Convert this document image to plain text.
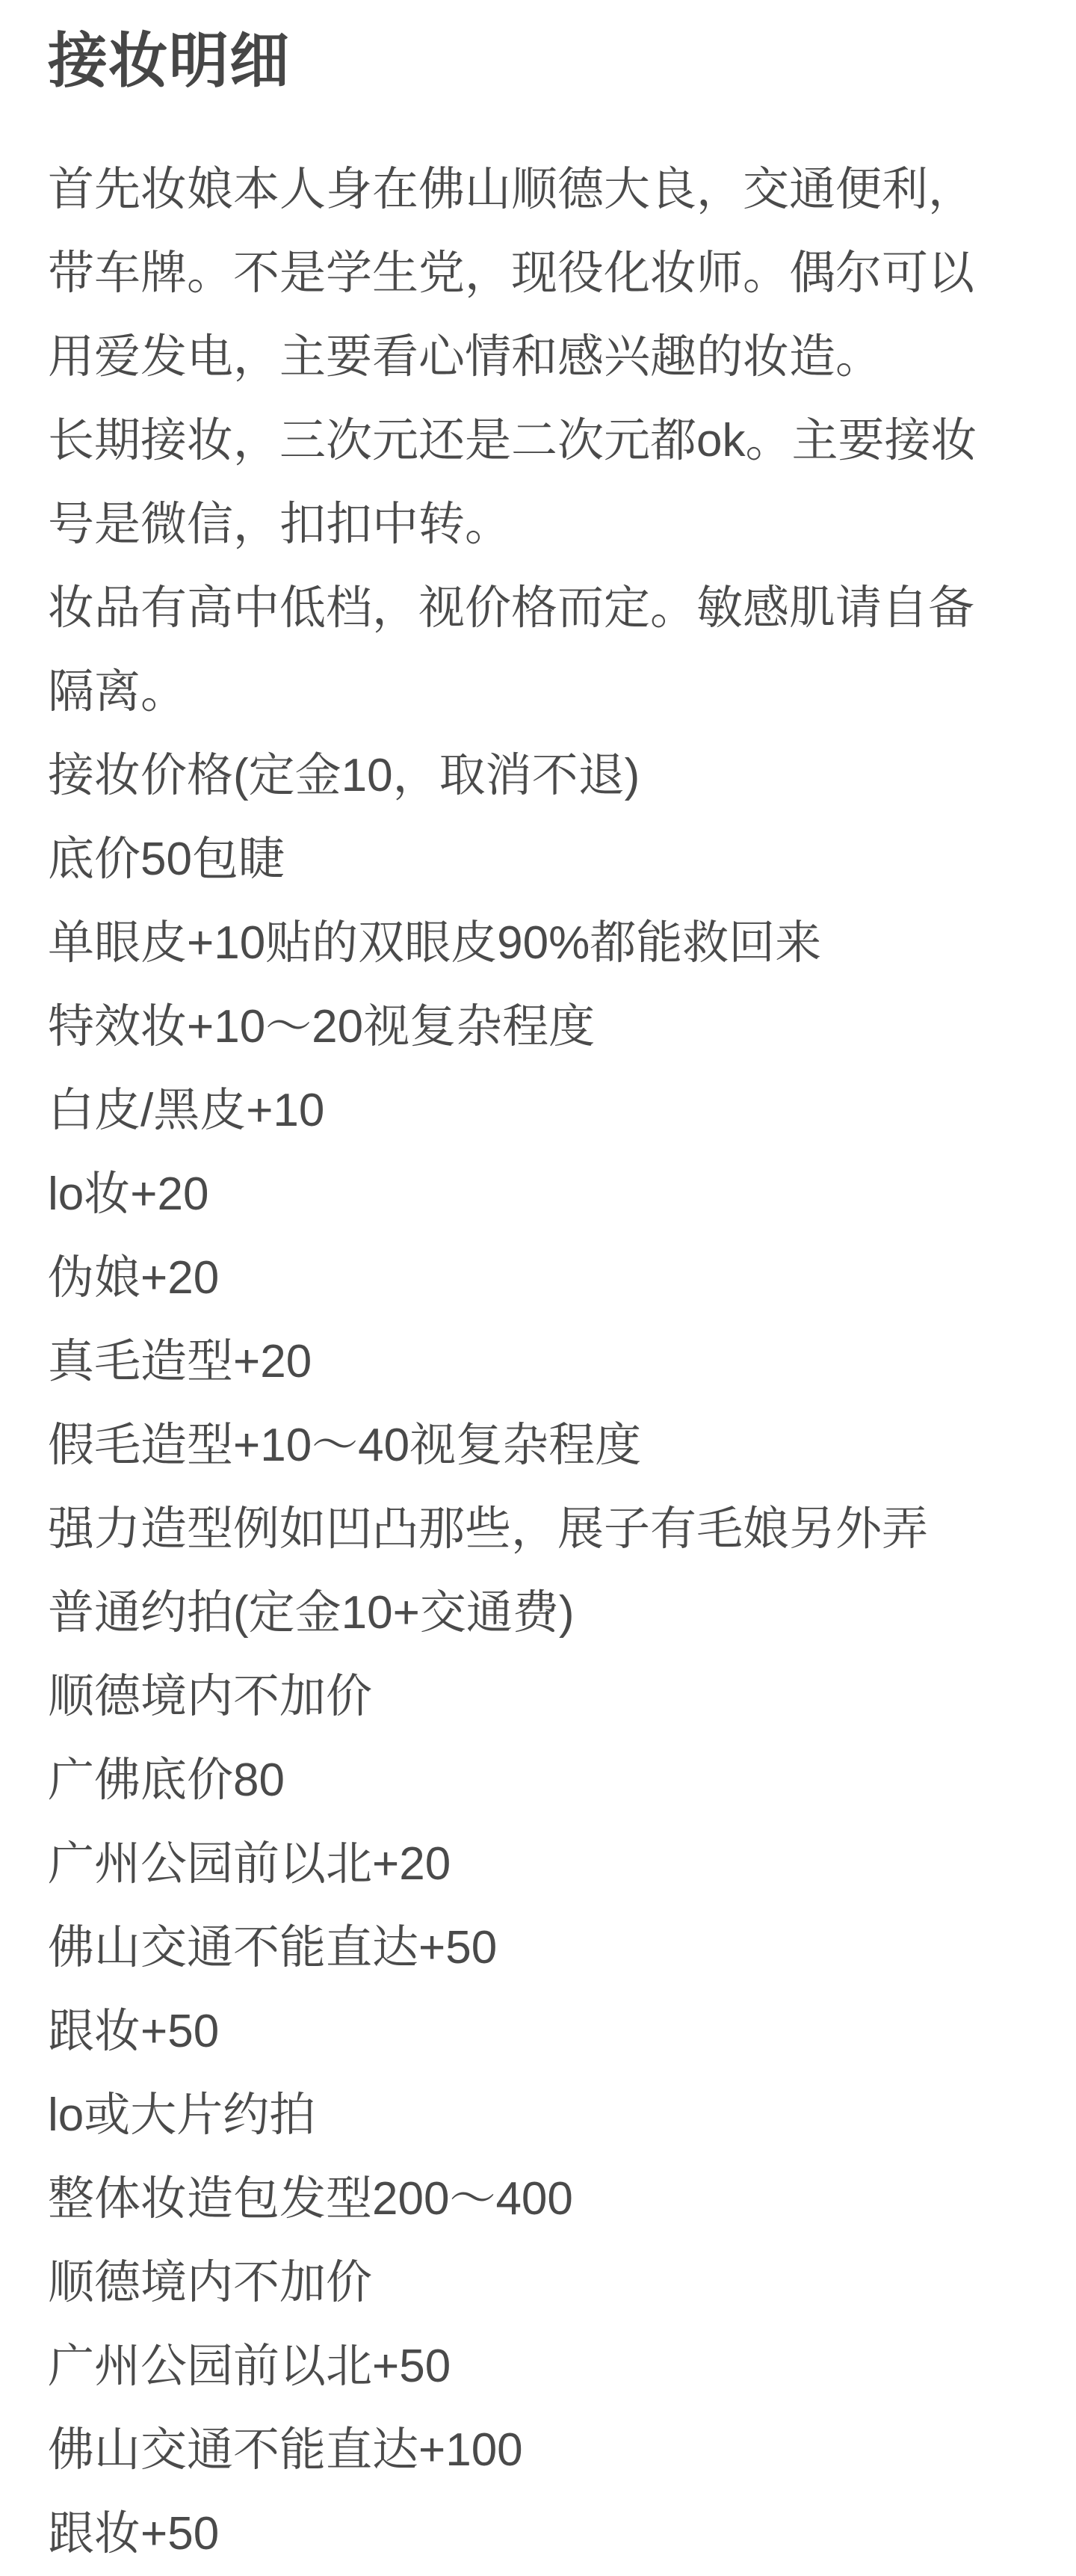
接妆明细
首先妆娘本人身在佛山顺德大良，交通便利，
带车牌。不是学生党，现役化妆师。偶尔可以
用爱发电，主要看心情和感兴趣的妆造。
长期接妆，三次元还是二次元都ok。主要接妆
号是微信，扣扣中转。
妆品有高中低档，视价格而定。敏感肌请自备
隔离。
接妆价格(定金10，取消不退)
底价50包睫
单眼皮+10贴的双眼皮90%都能救回来
特效妆+10～20视复杂程度
白皮/黑皮+10
lo妆+20
伪娘+20
真毛造型+20
假毛造型+10～40视复杂程度
强力造型例如凹凸那些，展子有毛娘另外弄
普通约拍(定金10+交通费)
顺德境内不加价
广佛底价80
广州公园前以北+20
佛山交通不能直达+50
跟妆+50
lo或大片约拍
整体妆造包发型200～400
顺德境内不加价
广州公园前以北+50
佛山交通不能直达+100
跟妆+50
